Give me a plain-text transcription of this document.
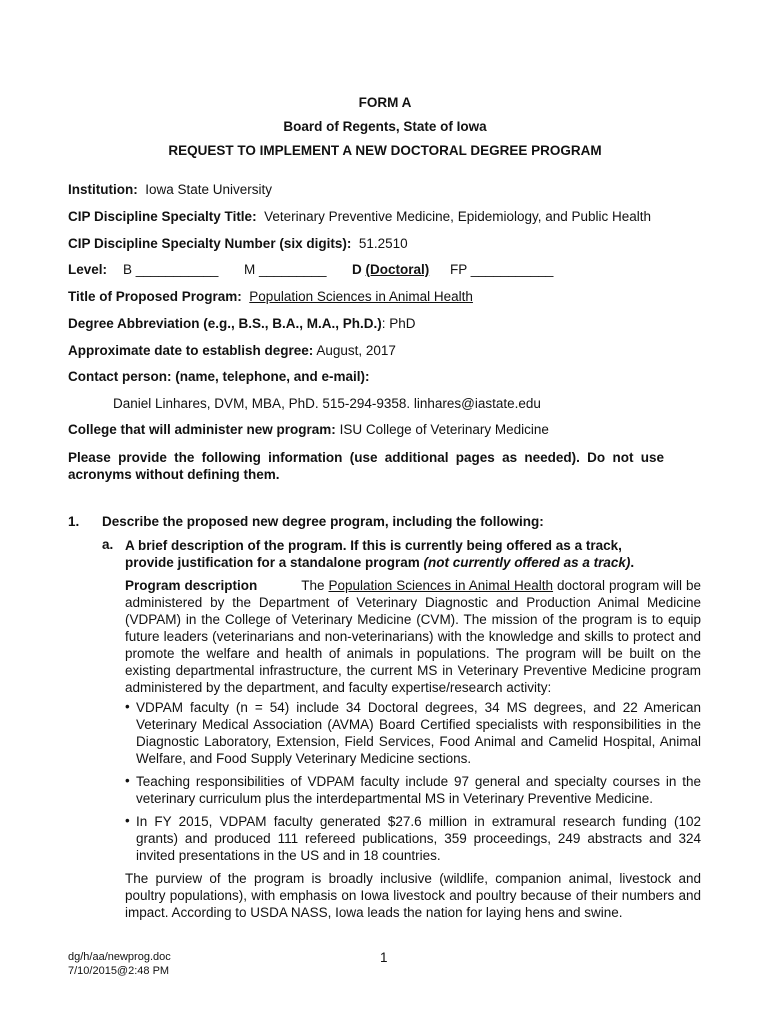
FORM A
Board of Regents, State of Iowa
REQUEST TO IMPLEMENT A NEW DOCTORAL DEGREE PROGRAM
Institution: Iowa State University
CIP Discipline Specialty Title: Veterinary Preventive Medicine, Epidemiology, and Public Health
CIP Discipline Specialty Number (six digits): 51.2510
Level: B ___________ M _________ D (Doctoral) FP ___________
Title of Proposed Program: Population Sciences in Animal Health
Degree Abbreviation (e.g., B.S., B.A., M.A., Ph.D.): PhD
Approximate date to establish degree: August, 2017
Contact person: (name, telephone, and e-mail):
Daniel Linhares, DVM, MBA, PhD. 515-294-9358. linhares@iastate.edu
College that will administer new program: ISU College of Veterinary Medicine
Please provide the following information (use additional pages as needed). Do not use acronyms without defining them.
1. Describe the proposed new degree program, including the following:
a. A brief description of the program. If this is currently being offered as a track, provide justification for a standalone program (not currently offered as a track).
Program description	The Population Sciences in Animal Health doctoral program will be administered by the Department of Veterinary Diagnostic and Production Animal Medicine (VDPAM) in the College of Veterinary Medicine (CVM). The mission of the program is to equip future leaders (veterinarians and non-veterinarians) with the knowledge and skills to protect and promote the welfare and health of animals in populations. The program will be built on the existing departmental infrastructure, the current MS in Veterinary Preventive Medicine program administered by the department, and faculty expertise/research activity:
• VDPAM faculty (n = 54) include 34 Doctoral degrees, 34 MS degrees, and 22 American Veterinary Medical Association (AVMA) Board Certified specialists with responsibilities in the Diagnostic Laboratory, Extension, Field Services, Food Animal and Camelid Hospital, Animal Welfare, and Food Supply Veterinary Medicine sections.
• Teaching responsibilities of VDPAM faculty include 97 general and specialty courses in the veterinary curriculum plus the interdepartmental MS in Veterinary Preventive Medicine.
• In FY 2015, VDPAM faculty generated $27.6 million in extramural research funding (102 grants) and produced 111 refereed publications, 359 proceedings, 249 abstracts and 324 invited presentations in the US and in 18 countries.
The purview of the program is broadly inclusive (wildlife, companion animal, livestock and poultry populations), with emphasis on Iowa livestock and poultry because of their numbers and impact. According to USDA NASS, Iowa leads the nation for laying hens and swine.
dg/h/aa/newprog.doc
7/10/2015@2:48 PM
1
